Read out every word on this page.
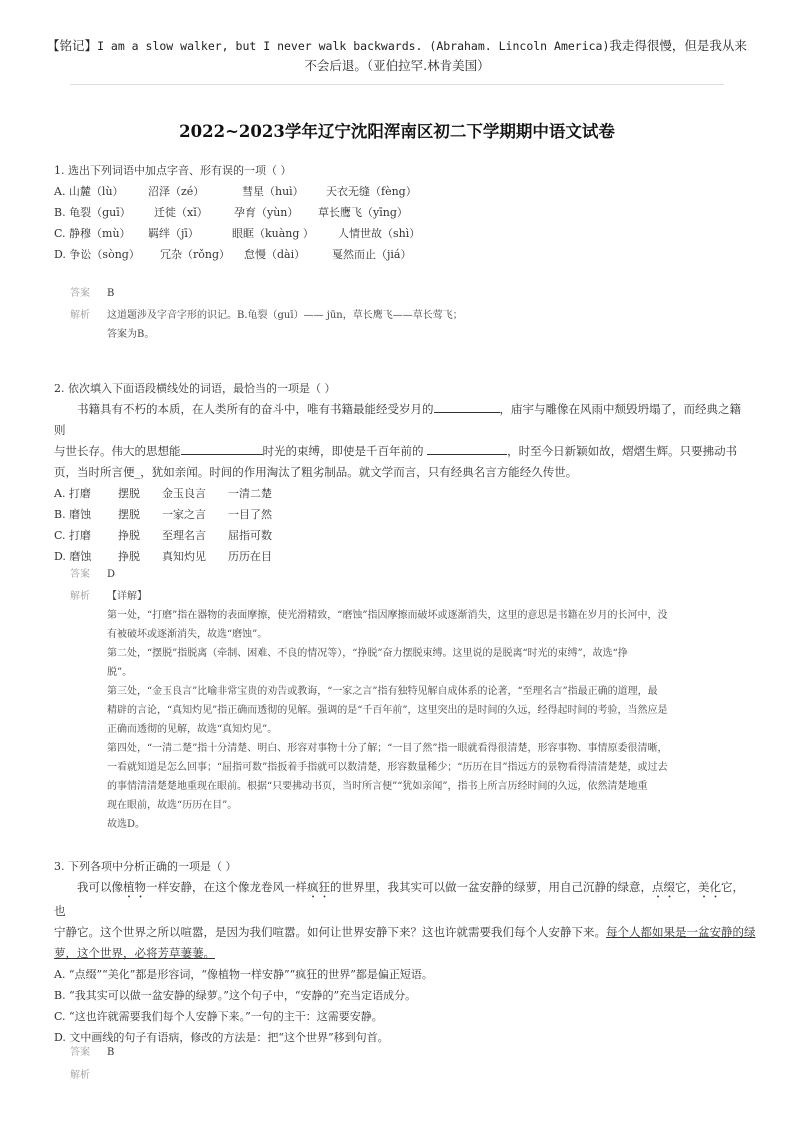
【铭记】I am a slow walker, but I never walk backwards. (Abraham. Lincoln America)我走得很慢，但是我从来
不会后退。（亚伯拉罕.林肯美国）
2022~2023学年辽宁沈阳浑南区初二下学期期中语文试卷
1. 选出下列词语中加点字音、形有误的一项（ ）
A. 山麓（lù） 沼泽（zé）	彗星（huì） 天衣无缝（fèng）
B. 龟裂（guī） 迁徙（xǐ） 孕育（yùn） 草长鹰飞（yīng）
C. 静穆（mù） 羁绊（jī）	眼眶（kuàng ） 人情世故（shì）
D. 争讼（sòng） 冗杂（rǒng） 怠慢（dài） 戛然而止（jiá）
答案 B
解析 这道题涉及字音字形的识记。B.龟裂（guī）—— jūn，草长鹰飞——草长莺飞；
答案为B。
2. 依次填入下面语段横线处的词语，最恰当的一项是（ ）
书籍具有不朽的本质，在人类所有的奋斗中，唯有书籍最能经受岁月的	，庙宇与雕像在风雨中颓毁坍塌了，而经典之籍则
与世长存。伟大的思想能	时光的束缚，即使是千百年前的	，时至今日新颖如故，熠熠生辉。只要拂动书
页，当时所言便_，犹如亲闻。时间的作用淘汰了粗劣制品。就文学而言，只有经典名言方能经久传世。
A. 打磨 摆脱 金玉良言 一清二楚
B. 磨蚀 摆脱 一家之言 一目了然
C. 打磨 挣脱 至理名言 屈指可数
D. 磨蚀 挣脱 真知灼见 历历在目
答案 D
解析 【详解】
第一处，“打磨”指在器物的表面摩擦，使光滑精致，“磨蚀”指因摩擦而破坏或逐渐消失，这里的意思是书籍在岁月的长河中，没
有被破坏或逐渐消失，故选“磨蚀”。
第二处，“摆脱”指脱离（牵制、困难、不良的情况等），“挣脱”奋力摆脱束缚。这里说的是脱离“时光的束缚”，故选“挣
脱”。
第三处，“金玉良言”比喻非常宝贵的劝告或教诲，“一家之言”指有独特见解自成体系的论著，“至理名言”指最正确的道理，最
精辟的言论，“真知灼见”指正确而透彻的见解。强调的是“千百年前”，这里突出的是时间的久远，经得起时间的考验，当然应是
正确而透彻的见解，故选“真知灼见”。
第四处，“一清二楚”指十分清楚、明白、形容对事物十分了解；“一目了然”指一眼就看得很清楚，形容事物、事情原委很清晰，
一看就知道是怎么回事；“屈指可数”指扳着手指就可以数清楚，形容数量稀少；“历历在目”指远方的景物看得清清楚楚，或过去
的事情清清楚楚地重现在眼前。根据“只要拂动书页，当时所言便”“犹如亲闻”，指书上所言历经时间的久远，依然清楚地重
现在眼前，故选“历历在目”。
故选D。
3. 下列各项中分析正确的一项是（ ）
我可以像植物一样安静，在这个像龙卷风一样疯狂的世界里，我其实可以做一盆安静的绿萝，用自己沉静的绿意，点缀它，美化它，也
宁静它。这个世界之所以喧嚣，是因为我们喧嚣。如何让世界安静下来？这也许就需要我们每个人安静下来。每个人都如果是一盆安静的绿
萝，这个世界，必将芳草萋萋。
A. “点缀”“美化”都是形容词，“像植物一样安静”“疯狂的世界”都是偏正短语。
B. “我其实可以做一盆安静的绿萝。”这个句子中，“安静的”充当定语成分。
C. “这也许就需要我们每个人安静下来。”一句的主干：这需要安静。
D. 文中画线的句子有语病，修改的方法是：把“这个世界”移到句首。
答案 B
解析
